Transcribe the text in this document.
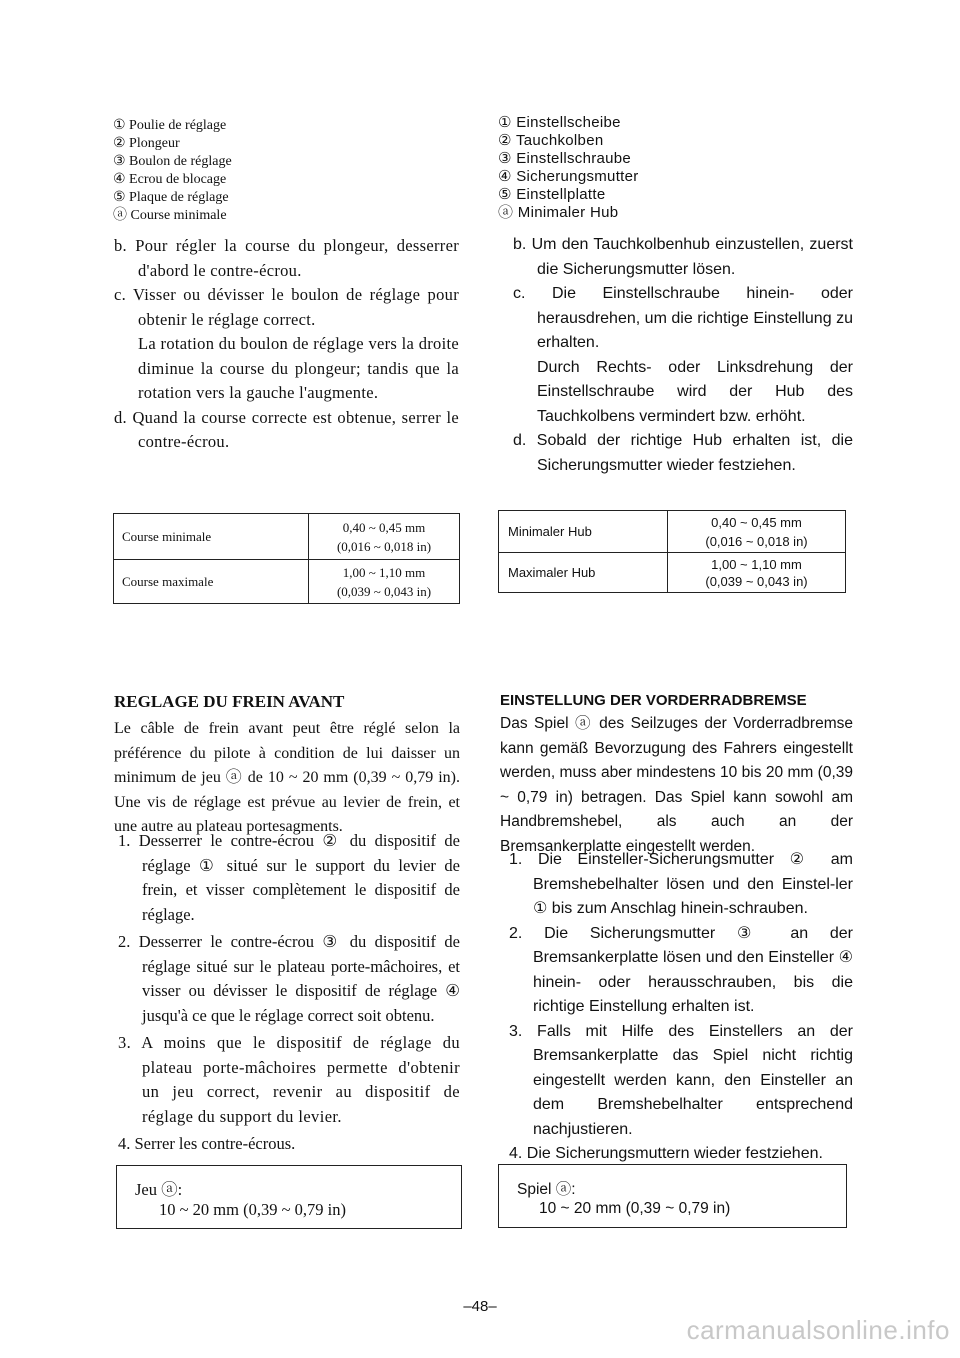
① Poulie de réglage
② Plongeur
③ Boulon de réglage
④ Ecrou de blocage
⑤ Plaque de réglage
ⓐ Course minimale
b. Pour régler la course du plongeur, desserrer d'abord le contre-écrou.
c. Visser ou dévisser le boulon de réglage pour obtenir le réglage correct.
La rotation du boulon de réglage vers la droite diminue la course du plongeur; tandis que la rotation vers la gauche l'augmente.
d. Quand la course correcte est obtenue, serrer le contre-écrou.
Course minimale	0,40 ~ 0,45 mm
(0,016 ~ 0,018 in)

Course maximale	1,00 ~ 1,10 mm
(0,039 ~ 0,043 in)
REGLAGE DU FREIN AVANT
Le câble de frein avant peut être réglé selon la préférence du pilote à condition de lui daisser un minimum de jeu ⓐ de 10 ~ 20 mm (0,39 ~ 0,79 in). Une vis de réglage est prévue au levier de frein, et une autre au plateau portesagments.
1. Desserrer le contre-écrou ② du dispositif de réglage ① situé sur le support du levier de frein, et visser complètement le dispositif de réglage.
2. Desserrer le contre-écrou ③ du dispositif de réglage situé sur le plateau porte-mâchoires, et visser ou dévisser le dispositif de réglage ④ jusqu'à ce que le réglage correct soit obtenu.
3. A moins que le dispositif de réglage du plateau porte-mâchoires permette d'obtenir un jeu correct, revenir au dispositif de réglage du support du levier.
4. Serrer les contre-écrous.
Jeu ⓐ:
10 ~ 20 mm (0,39 ~ 0,79 in)
① Einstellscheibe
② Tauchkolben
③ Einstellschraube
④ Sicherungsmutter
⑤ Einstellplatte
ⓐ Minimaler Hub
b. Um den Tauchkolbenhub einzustellen, zuerst die Sicherungsmutter lösen.
c. Die Einstellschraube hinein- oder herausdrehen, um die richtige Einstellung zu erhalten.
Durch Rechts- oder Linksdrehung der Einstellschraube wird der Hub des Tauchkolbens vermindert bzw. erhöht.
d. Sobald der richtige Hub erhalten ist, die Sicherungsmutter wieder festziehen.
Minimaler Hub	0,40 ~ 0,45 mm
(0,016 ~ 0,018 in)

Maximaler Hub	1,00 ~ 1,10 mm
(0,039 ~ 0,043 in)
EINSTELLUNG DER VORDERRADBREMSE
Das Spiel ⓐ des Seilzuges der Vorderradbremse kann gemäß Bevorzugung des Fahrers eingestellt werden, muss aber mindestens 10 bis 20 mm (0,39 ~ 0,79 in) betragen. Das Spiel kann sowohl am Handbremshebel, als auch an der Bremsankerplatte eingestellt werden.
1. Die Einsteller-Sicherungsmutter ② am Bremshebelhalter lösen und den Einstel-ler ① bis zum Anschlag hinein-schrauben.
2. Die Sicherungsmutter ③ an der Bremsankerplatte lösen und den Einsteller ④ hinein- oder herausschrauben, bis die richtige Einstellung erhalten ist.
3. Falls mit Hilfe des Einstellers an der Bremsankerplatte das Spiel nicht richtig eingestellt werden kann, den Einsteller an dem Bremshebelhalter entsprechend nachjustieren.
4. Die Sicherungsmuttern wieder festziehen.
Spiel ⓐ:
10 ~ 20 mm (0,39 ~ 0,79 in)
–48–
carmanualsonline.info
